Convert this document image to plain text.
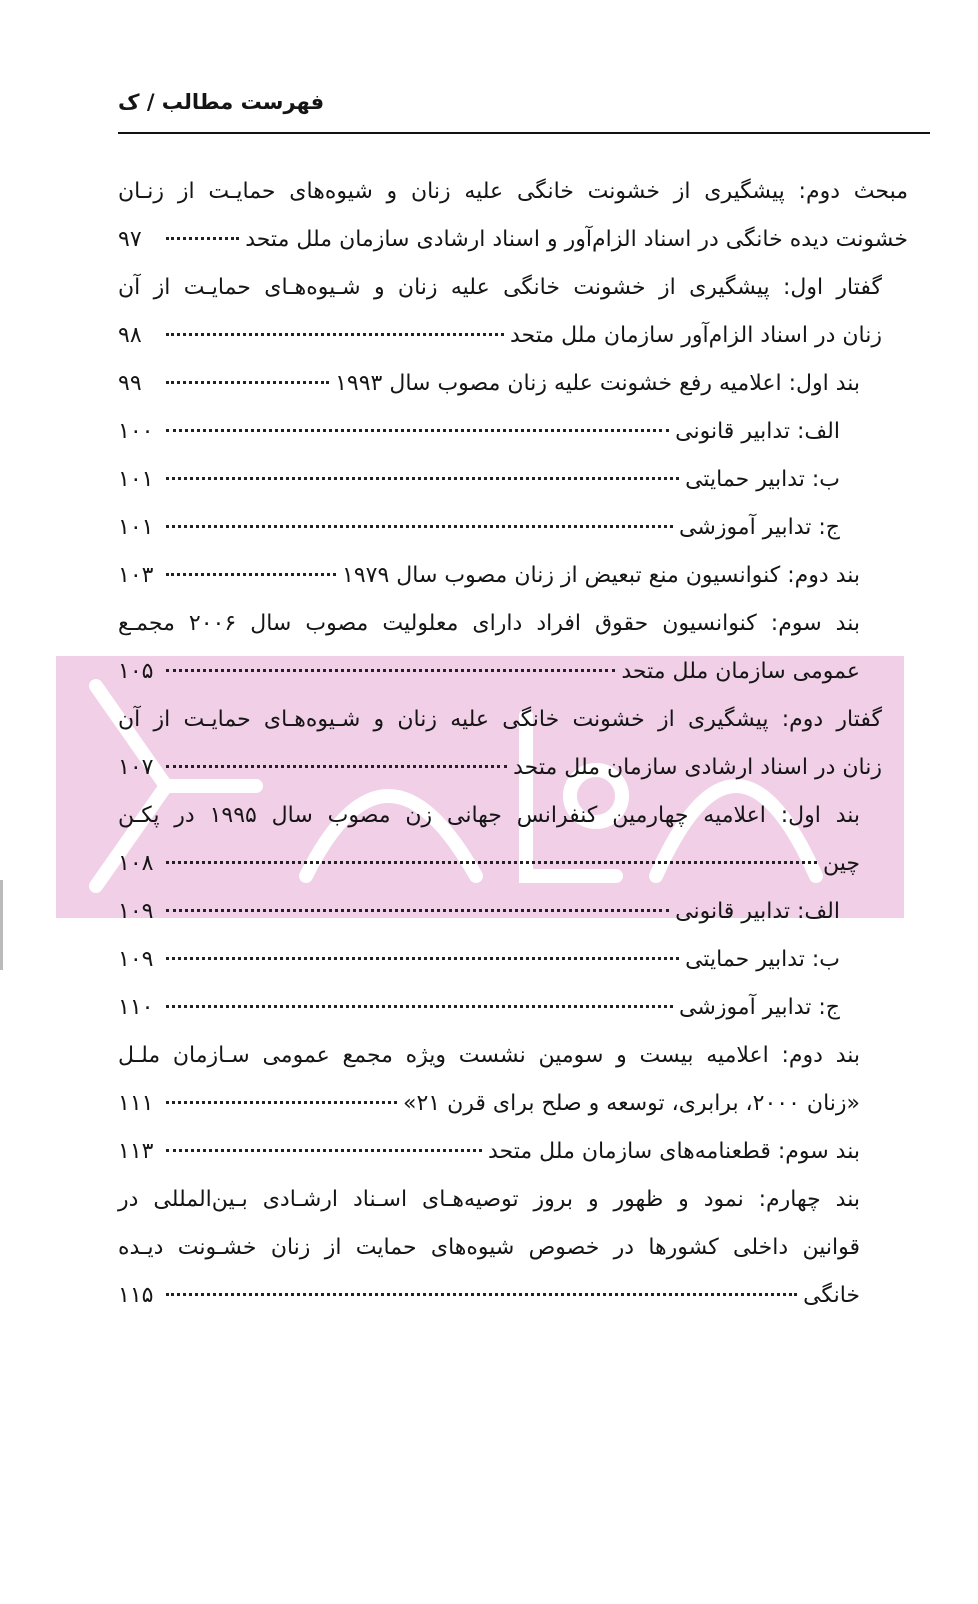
فهرست مطالب / ک
مبحث دوم: پیشگیری از خشونت خانگی علیه زنان و شیوه‌های حمایـت از زنـان
خشونت دیده خانگی در اسناد الزام‌آور و اسناد ارشادی سازمان ملل متحد
۹۷
گفتار اول: پیشگیری از خشونت خانگی علیه زنان و شـیوه‌هـای حمایـت از آن
زنان در اسناد الزام‌آور سازمان ملل متحد
۹۸
بند اول: اعلامیه رفع خشونت علیه زنان مصوب سال ۱۹۹۳
۹۹
الف: تدابیر قانونی
۱۰۰
ب: تدابیر حمایتی
۱۰۱
ج: تدابیر آموزشی
۱۰۱
بند دوم: کنوانسیون منع تبعیض از زنان مصوب سال ۱۹۷۹
۱۰۳
بند سوم: کنوانسیون حقوق افراد دارای معلولیت مصوب سال ۲۰۰۶ مجمـع
عمومی سازمان ملل متحد
۱۰۵
گفتار دوم: پیشگیری از خشونت خانگی علیه زنان و شـیوه‌هـای حمایـت از آن
زنان در اسناد ارشادی سازمان ملل متحد
۱۰۷
بند اول: اعلامیه چهارمین کنفرانس جهانی زن مصوب سال ۱۹۹۵ در پکـن
چین
۱۰۸
الف: تدابیر قانونی
۱۰۹
ب: تدابیر حمایتی
۱۰۹
ج: تدابیر آموزشی
۱۱۰
بند دوم: اعلامیه بیست و سومین نشست ویژه مجمع عمومی سـازمان ملـل
«زنان ۲۰۰۰، برابری، توسعه و صلح برای قرن ۲۱»
۱۱۱
بند سوم: قطعنامه‌های سازمان ملل متحد
۱۱۳
بند چهارم: نمود و ظهور و بروز توصیه‌هـای اسـناد ارشـادی بـین‌المللی در
قوانین داخلی کشورها در خصوص شیوه‌های حمایت از زنان خشـونت دیـده
خانگی
۱۱۵
